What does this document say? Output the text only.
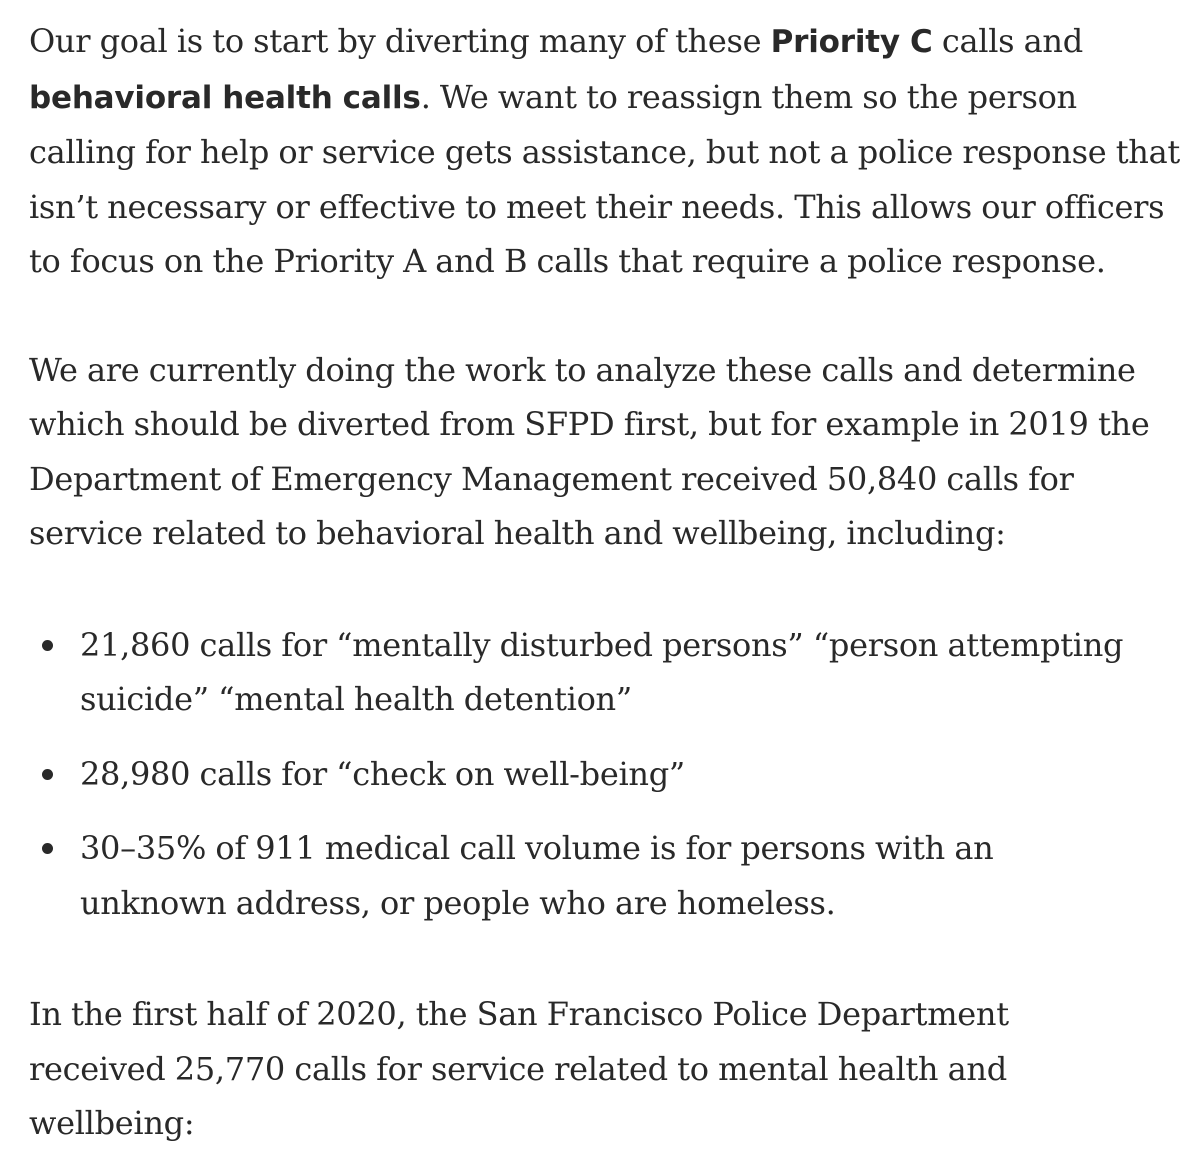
Our goal is to start by diverting many of these Priority C calls and behavioral health calls. We want to reassign them so the person calling for help or service gets assistance, but not a police response that isn’t necessary or effective to meet their needs. This allows our officers to focus on the Priority A and B calls that require a police response.

We are currently doing the work to analyze these calls and determine which should be diverted from SFPD first, but for example in 2019 the Department of Emergency Management received 50,840 calls for service related to behavioral health and wellbeing, including:

21,860 calls for “mentally disturbed persons” “person attempting suicide” “mental health detention”
28,980 calls for “check on well-being”
30–35% of 911 medical call volume is for persons with an unknown address, or people who are homeless.

In the first half of 2020, the San Francisco Police Department received 25,770 calls for service related to mental health and wellbeing:
